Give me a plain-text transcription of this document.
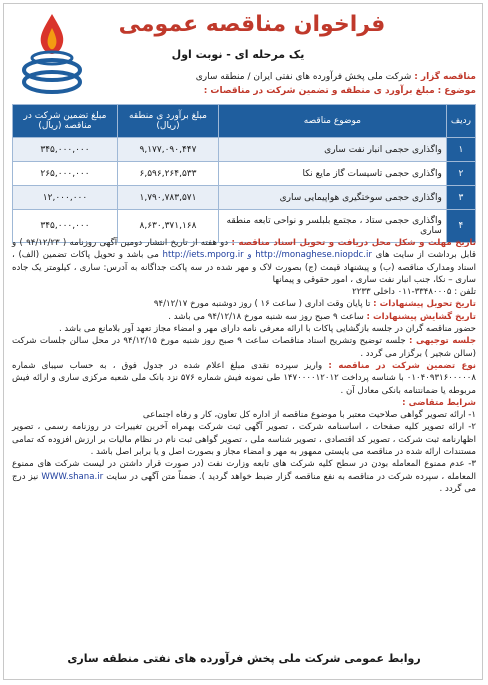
فراخوان مناقصه عمومی
یک مرحله ای - نوبت اول
مناقصه گزار : شرکت ملی پخش فرآورده های نفتی ایران / منطقه ساری
موضوع : مبلغ برآورد ی منطقه و تضمین شرکت در مناقصات :
ردیف	موضوع مناقصه	مبلغ برآورد ی منطقه (ریال)	مبلغ تضمین شرکت در مناقصه (ریال)
۱	واگذاری حجمی انبار نفت ساری	۹,۱۷۷,۰۹۰,۴۴۷	۳۴۵,۰۰۰,۰۰۰
۲	واگذاری حجمی تاسیسات گاز مایع نکا	۶,۵۹۶,۲۶۴,۵۳۳	۲۶۵,۰۰۰,۰۰۰
۳	واگذاری حجمی سوختگیری هواپیمایی ساری	۱,۷۹۰,۷۸۳,۵۷۱	۱۲,۰۰۰,۰۰۰
۴	واگذاری حجمی ستاد ، مجتمع بلبلسر و نواحی تابعه منطقه ساری	۸,۶۳۰,۳۷۱,۱۶۸	۳۴۵,۰۰۰,۰۰۰

تاریخ مهلت و شکل محل دریافت و تحویل اسناد مناقصه : دو هفته از تاریخ انتشار دومین آگهی روزنامه ( ۹۴/۱۲/۲۳ ) و قابل برداشت از سایت های http://monaghese.niopdc.ir و http://iets.mporg.ir می باشد و تحویل پاکات تضمین (الف) ، اسناد ومدارک مناقصه (ب) و پیشنهاد قیمت (ج) بصورت لاک و مهر شده در سه پاکت جداگانه به آدرس: ساری ، کیلومتر یک جاده ساری – نکا، جنب انبار نفت ساری ، امور حقوقی و پیمانها

تلفن : ۳۳۴۸۰۰۰۵-۰۱۱ داخلی ۲۲۳۳

تاریخ تحویل پیشنهادات : تا پایان وقت اداری ( ساعت ۱۶ ) روز دوشنبه مورخ ۹۴/۱۲/۱۷

تاریخ گشایش پیشنهادات : ساعت ۹ صبح روز سه شنبه مورخ ۹۴/۱۲/۱۸ می باشد .

حضور مناقصه گران در جلسه بازگشایی پاکات با ارائه معرفی نامه دارای مهر و امضاء مجاز تعهد آور بلامانع می باشد .

جلسه توجیهی : جلسه توضیح وتشریح اسناد مناقصات ساعت ۹ صبح روز شنبه مورخ ۹۴/۱۲/۱۵ در محل سالن جلسات شرکت (سالن شجیر ) برگزار می گردد .

نوع تضمین شرکت در مناقصه : واریز سپرده نقدی مبلغ اعلام شده در جدول فوق ، به حساب سیبای شماره ۰۱۰۴۰۹۳۱۶۰۰۰۰۰۸ با شناسه پرداخت ۱۴۷۰۰۰۰۱۲۰۱۲ طی نمونه فیش شماره ۵۷۶ نزد بانک ملی شعبه مرکزی ساری و ارائه فیش مربوطه یا ضمانتنامه بانکی معادل آن .

شرایط متقاضی :

۱- ارائه تصویر گواهی صلاحیت معتبر با موضوع مناقصه از اداره کل تعاون، کار و رفاه اجتماعی

۲- ارائه تصویر کلیه صفحات ، اساسنامه شرکت ، تصویر آگهی ثبت شرکت بهمراه آخرین تغییرات در روزنامه رسمی ، تصویر اظهارنامه ثبت شرکت ، تصویر کد اقتصادی ، تصویر شناسه ملی ، تصویر گواهی ثبت نام در نظام مالیات بر ارزش افزوده که تمامی مستندات ارائه شده در مناقصه می بایستی ممهور به مهر و امضاء مجاز و بصورت اصل و یا برابر اصل باشد .

۳- عدم ممنوع المعامله بودن در سطح کلیه شرکت های تابعه وزارت نفت (در صورت قرار داشتن در لیست شرکت های ممنوع المعامله ، سپرده شرکت در مناقصه به نفع مناقصه گزار ضبط خواهد گردید ). ضمناً متن آگهی در سایت WWW.shana.ir نیز درج می گردد .

روابط عمومی شرکت ملی پخش فرآورده های نفتی منطقه ساری
